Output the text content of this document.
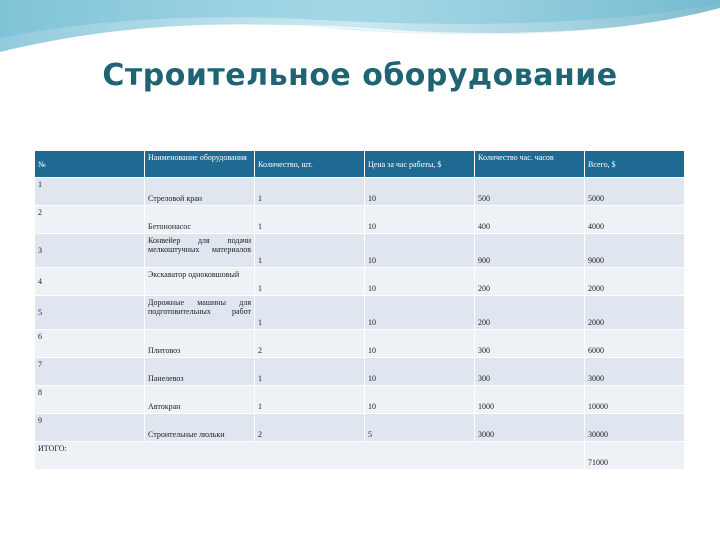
Строительное оборудование
№	Наименование оборудования	Количество, шт.	Цена за час работы, $	Количество час. часов	Всего, $
1	Стреловой кран	1	10	500	5000
2	Бетононасос	1	10	400	4000
3	Конвейер для подачи мелкоштучных материалов	1	10	900	9000
4	Экскаватор одноковшовый	1	10	200	2000
5	Дорожные машины для подготовительных работ	1	10	200	2000
6	Плитовоз	2	10	300	6000
7	Панелевоз	1	10	300	3000
8	Автокран	1	10	1000	10000
9	Строительные люльки	2	5	3000	30000
ИТОГО:					71000
